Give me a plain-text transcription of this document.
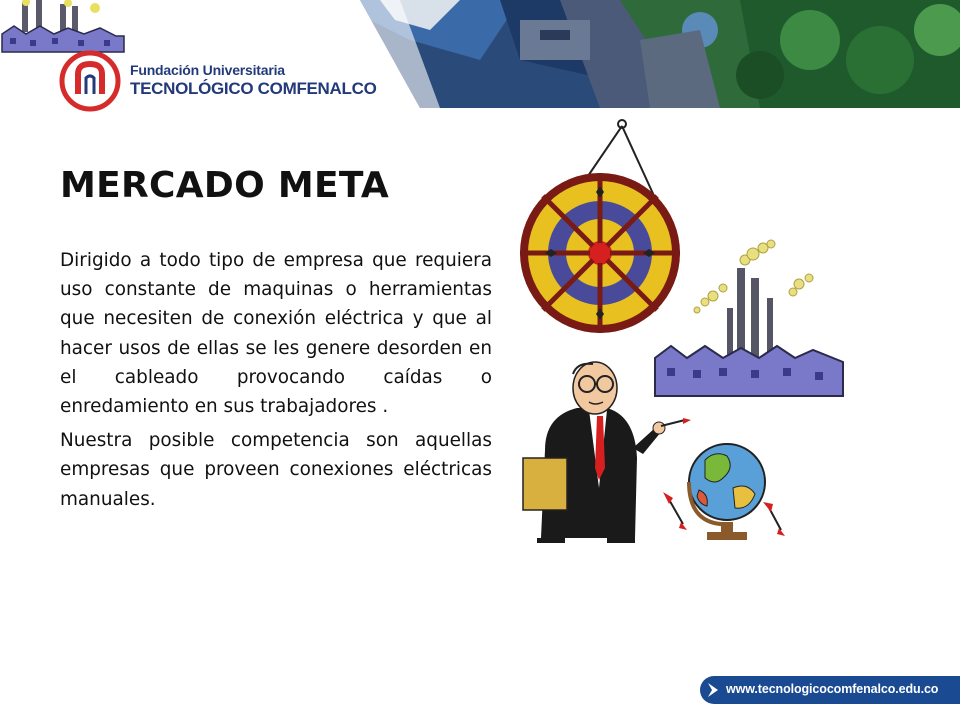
Fundación Universitaria
TECNOLÓGICO COMFENALCO
MERCADO META

Dirigido a todo tipo de empresa que requiera uso constante de maquinas o herramientas que necesiten de conexión eléctrica y que al hacer usos de ellas se les genere desorden en el cableado provocando caídas o enredamiento en sus trabajadores .

Nuestra posible competencia son aquellas empresas que proveen conexiones eléctricas manuales.

www.tecnologicocomfenalco.edu.co
